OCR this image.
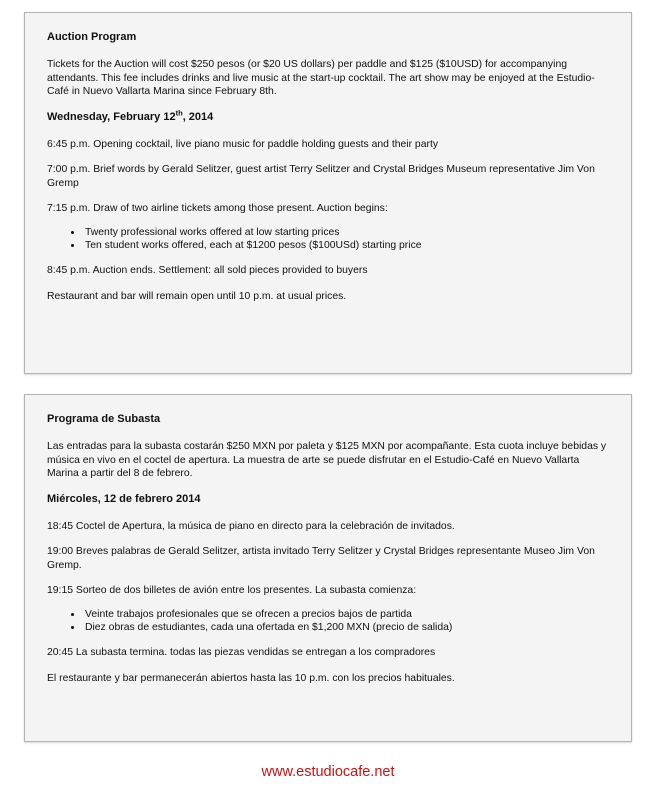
Auction Program
Tickets for the Auction will cost $250 pesos (or $20 US dollars) per paddle and $125 ($10USD) for accompanying attendants. This fee includes drinks and live music at the start-up cocktail. The art show may be enjoyed at the Estudio-Café in Nuevo Vallarta Marina since February 8th.
Wednesday, February 12th, 2014
6:45 p.m. Opening cocktail, live piano music for paddle holding guests and their party
7:00 p.m. Brief words by Gerald Selitzer, guest artist Terry Selitzer and Crystal Bridges Museum representative Jim Von Gremp
7:15 p.m. Draw of two airline tickets among those present. Auction begins:
• Twenty professional works offered at low starting prices
• Ten student works offered, each at $1200 pesos ($100USd) starting price
8:45 p.m. Auction ends. Settlement: all sold pieces provided to buyers
Restaurant and bar will remain open until 10 p.m. at usual prices.
Programa de Subasta
Las entradas para la subasta costarán $250 MXN por paleta y $125 MXN por acompañante. Esta cuota incluye bebidas y música en vivo en el coctel de apertura. La muestra de arte se puede disfrutar en el Estudio-Café en Nuevo Vallarta Marina a partir del 8 de febrero.
Miércoles, 12 de febrero 2014
18:45 Coctel de Apertura, la música de piano en directo para la celebración de invitados.
19:00 Breves palabras de Gerald Selitzer, artista invitado Terry Selitzer y Crystal Bridges representante Museo Jim Von Gremp.
19:15 Sorteo de dos billetes de avión entre los presentes. La subasta comienza:
• Veinte trabajos profesionales que se ofrecen a precios bajos de partida
• Diez obras de estudiantes, cada una ofertada en $1,200 MXN (precio de salida)
20:45 La subasta termina. todas las piezas vendidas se entregan a los compradores
El restaurante y bar permanecerán abiertos hasta las 10 p.m. con los precios habituales.
www.estudiocafe.net
